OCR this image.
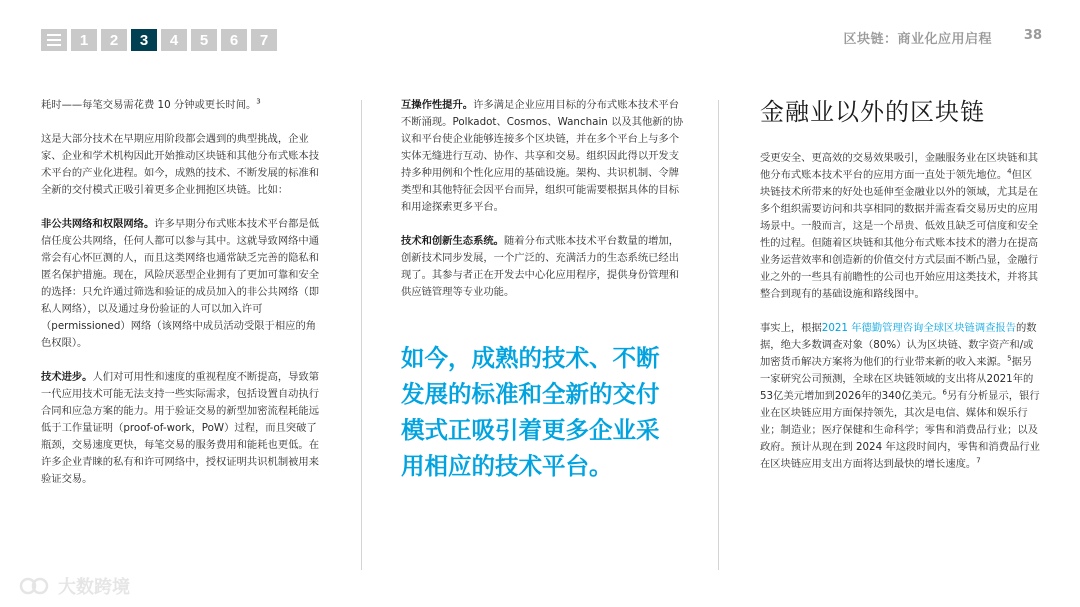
1	2	3	4	5	6	7	区块链：商业化应用启程 38

耗时——每笔交易需花费 10 分钟或更长时间。$^3$

这是大部分技术在早期应用阶段都会遇到的典型挑战，企业家、企业和学术机构因此开始推动区块链和其他分布式账本技术平台的产业化进程。如今，成熟的技术、不断发展的标准和全新的交付模式正吸引着更多企业拥抱区块链。比如：

非公共网络和权限网络。许多早期分布式账本技术平台都是低信任度公共网络，任何人都可以参与其中。这就导致网络中通常会有心怀叵测的人，而且这类网络也通常缺乏完善的隐私和匿名保护措施。现在，风险厌恶型企业拥有了更加可靠和安全的选择：只允许通过筛选和验证的成员加入的非公共网络（即私人网络），以及通过身份验证的人可以加入许可（permissioned）网络（该网络中成员活动受限于相应的角色权限）。

技术进步。人们对可用性和速度的重视程度不断提高，导致第一代应用技术可能无法支持一些实际需求，包括设置自动执行合同和应急方案的能力。用于验证交易的新型加密流程耗能远低于工作量证明（proof-of-work，PoW）过程，而且突破了瓶颈，交易速度更快，每笔交易的服务费用和能耗也更低。在许多企业青睐的私有和许可网络中，授权证明共识机制被用来验证交易。

互操作性提升。许多满足企业应用目标的分布式账本技术平台不断涌现。Polkadot、Cosmos、Wanchain 以及其他新的协议和平台使企业能够连接多个区块链，并在多个平台上与多个实体无缝进行互动、协作、共享和交易。组织因此得以开发支持多种用例和个性化应用的基础设施。架构、共识机制、令牌类型和其他特征会因平台而异，组织可能需要根据具体的目标和用途探索更多平台。

技术和创新生态系统。随着分布式账本技术平台数量的增加，创新技术同步发展，一个广泛的、充满活力的生态系统已经出现了。其参与者正在开发去中心化应用程序，提供身份管理和供应链管理等专业功能。

如今，成熟的技术、不断发展的标准和全新的交付模式正吸引着更多企业采用相应的技术平台。
金融业以外的区块链

受更安全、更高效的交易效果吸引，金融服务业在区块链和其他分布式账本技术平台的应用方面一直处于领先地位。$^4$但区块链技术所带来的好处也延伸至金融业以外的领域，尤其是在多个组织需要访问和共享相同的数据并需查看交易历史的应用场景中。一般而言，这是一个昂贵、低效且缺乏可信度和安全性的过程。但随着区块链和其他分布式账本技术的潜力在提高业务运营效率和创造新的价值交付方式层面不断凸显，金融行业之外的一些具有前瞻性的公司也开始应用这类技术，并将其整合到现有的基础设施和路线图中。

事实上，根据2021 年德勤管理咨询全球区块链调查报告的数据，绝大多数调查对象（80%）认为区块链、数字资产和/或加密货币解决方案将为他们的行业带来新的收入来源。$^5$据另一家研究公司预测，全球在区块链领域的支出将从2021年的53亿美元增加到2026年的340亿美元。$^6$另有分析显示，银行业在区块链应用方面保持领先，其次是电信、媒体和娱乐行业；制造业；医疗保健和生命科学；零售和消费品行业；以及政府。预计从现在到 2024 年这段时间内，零售和消费品行业在区块链应用支出方面将达到最快的增长速度。$^7$

大数跨境
